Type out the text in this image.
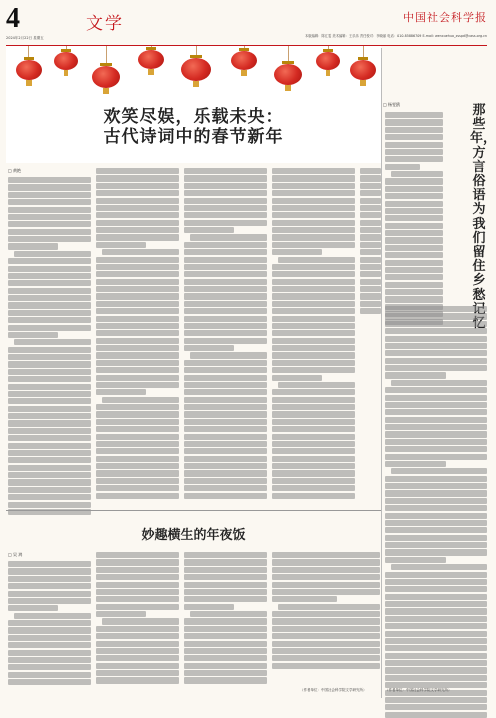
4	文学
2024年2月22日 星期五
中国社会科学报
本版编辑：陈汇雯 美术编辑：王乐乐 责任校对：李晓丽 电话：010-85886709 E-mail: wenxuehuo_zsspd@cass.org.cn
欢笑尽娱，乐载未央：
古代诗词中的春节新年
□ 黄艳
□ 杨雯鸥	那些年，方言俗语为我们留住乡愁
（作者单位：中国社会科学院文学研究所）
妙趣横生的年夜饭
□ 吴 鸿
（作者单位：中国社会科学院文学研究所）
